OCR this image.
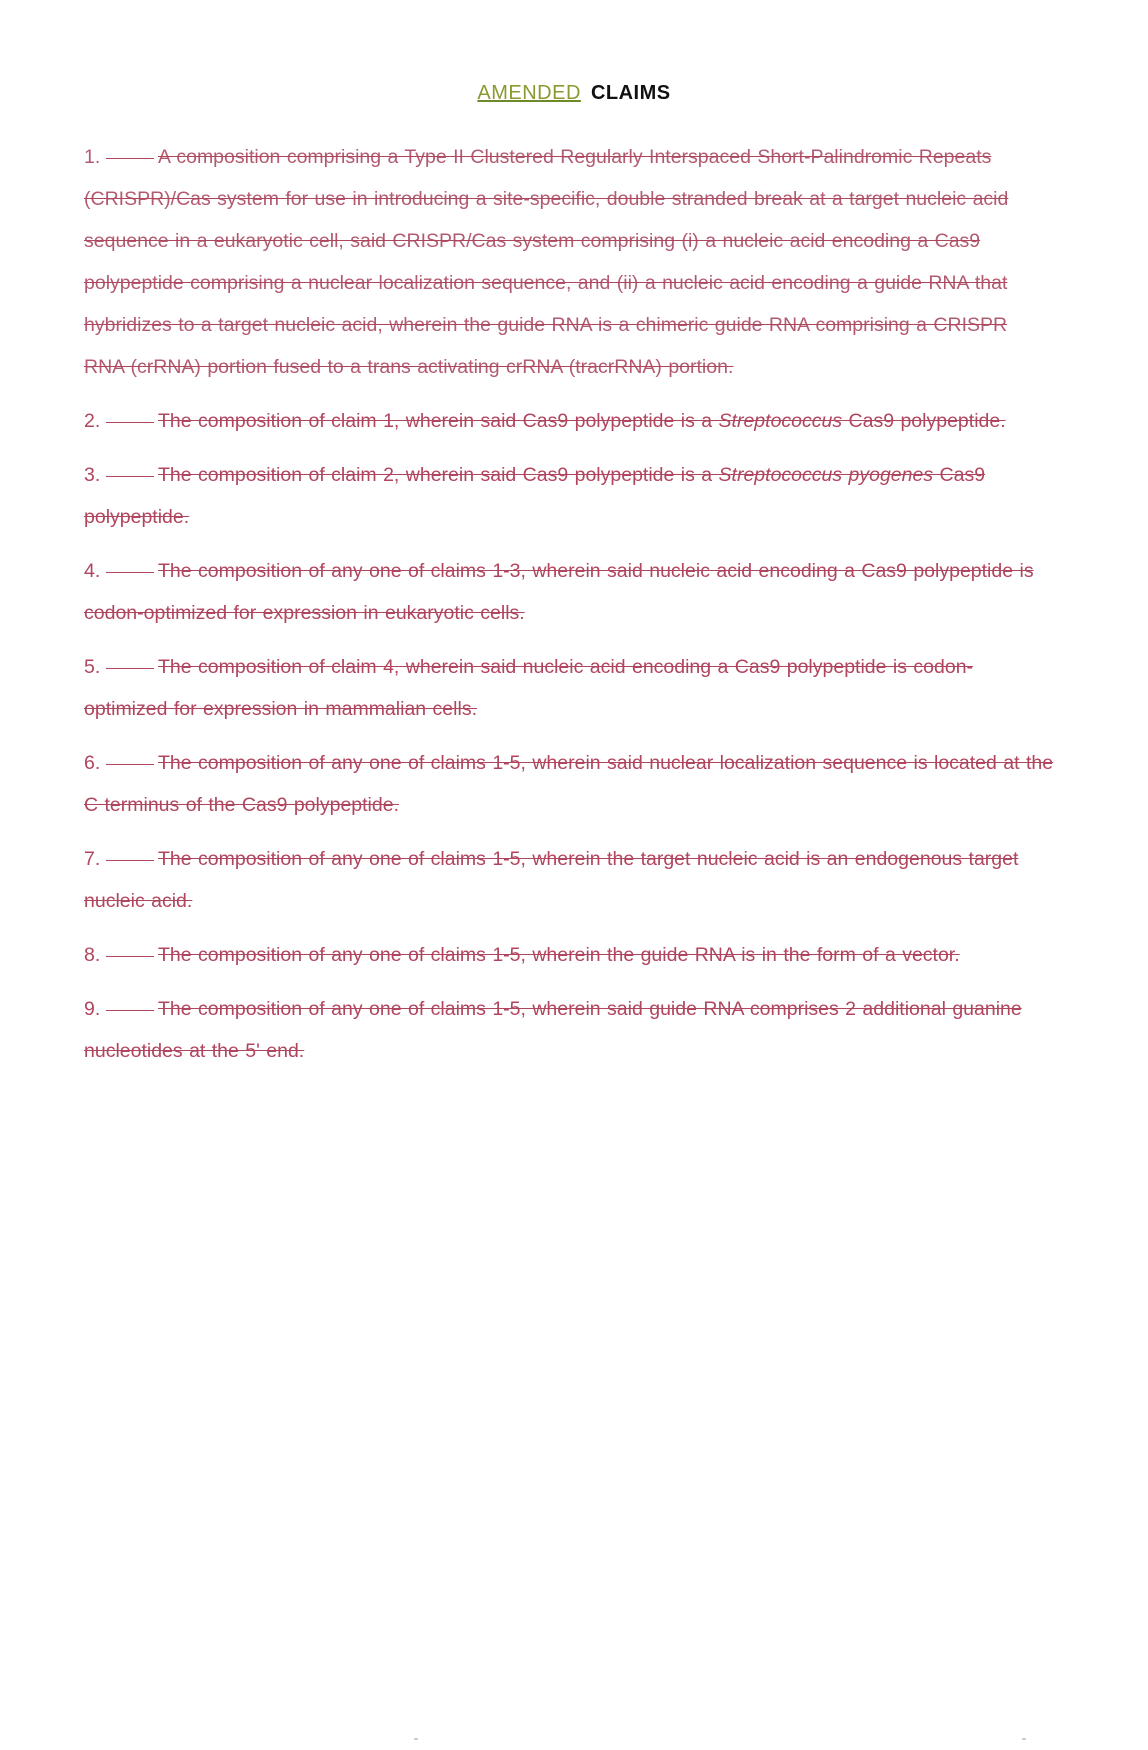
AMENDED CLAIMS

1.	A composition comprising a Type II Clustered Regularly Interspaced Short-Palindromic Repeats (CRISPR)/Cas system for use in introducing a site-specific, double stranded break at a target nucleic acid sequence in a eukaryotic cell, said CRISPR/Cas system comprising (i) a nucleic acid encoding a Cas9 polypeptide comprising a nuclear localization sequence, and (ii) a nucleic acid encoding a guide RNA that hybridizes to a target nucleic acid, wherein the guide RNA is a chimeric guide RNA comprising a CRISPR RNA (crRNA) portion fused to a trans activating crRNA (tracrRNA) portion.

2.	The composition of claim 1, wherein said Cas9 polypeptide is a Streptococcus Cas9 polypeptide.

3.	The composition of claim 2, wherein said Cas9 polypeptide is a Streptococcus pyogenes Cas9 polypeptide.

4.	The composition of any one of claims 1-3, wherein said nucleic acid encoding a Cas9 polypeptide is codon-optimized for expression in eukaryotic cells.

5.	The composition of claim 4, wherein said nucleic acid encoding a Cas9 polypeptide is codon-optimized for expression in mammalian cells.

6.	The composition of any one of claims 1-5, wherein said nuclear localization sequence is located at the C terminus of the Cas9 polypeptide.

7.	The composition of any one of claims 1-5, wherein the target nucleic acid is an endogenous target nucleic acid.

8.	The composition of any one of claims 1-5, wherein the guide RNA is in the form of a vector.

9.	The composition of any one of claims 1-5, wherein said guide RNA comprises 2 additional guanine nucleotides at the 5' end.
